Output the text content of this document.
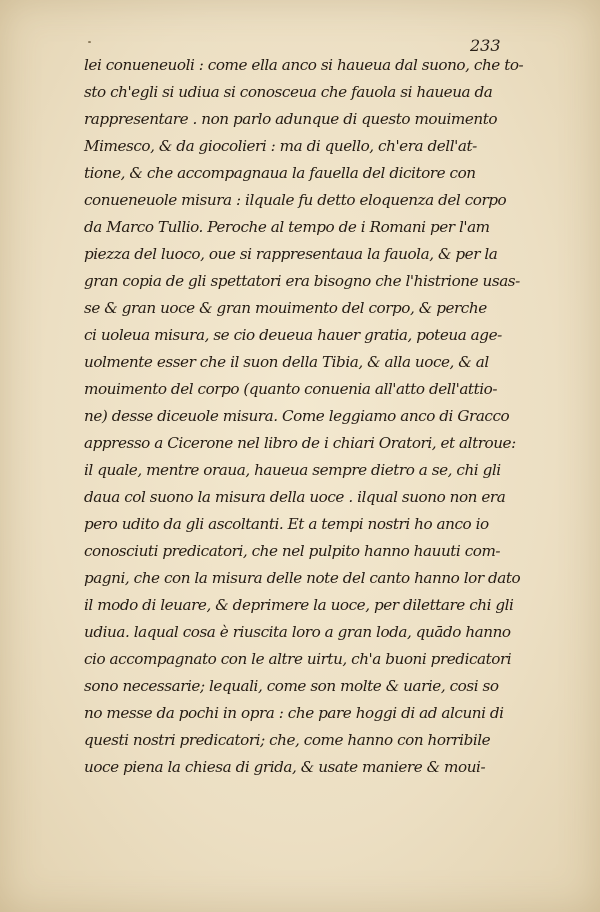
233
lei conueneuoli : come ella anco si haueua dal suono, che to-
sto ch'egli si udiua si conosceua che fauola si haueua da
rappresentare . non parlo adunque di questo mouimento
Mimesco, & da giocolieri : ma di quello, ch'era dell'at-
tione, & che accompagnaua la fauella del dicitore con
conueneuole misura : ilquale fu detto eloquenza del corpo
da Marco Tullio. Peroche al tempo de i Romani per l'am
piezza del luoco, oue si rappresentaua la fauola, & per la
gran copia de gli spettatori era bisogno che l'histrione usas-
se & gran uoce & gran mouimento del corpo, & perche
ci uoleua misura, se cio deueua hauer gratia, poteua age-
uolmente esser che il suon della Tibia, & alla uoce, & al
mouimento del corpo (quanto conuenia all'atto dell'attio-
ne) desse diceuole misura. Come leggiamo anco di Gracco
appresso a Cicerone nel libro de i chiari Oratori, et altroue:
il quale, mentre oraua, haueua sempre dietro a se, chi gli
daua col suono la misura della uoce . ilqual suono non era
pero udito da gli ascoltanti. Et a tempi nostri ho anco io
conosciuti predicatori, che nel pulpito hanno hauuti com-
pagni, che con la misura delle note del canto hanno lor dato
il modo di leuare, & deprimere la uoce, per dilettare chi gli
udiua. laqual cosa è riuscita loro a gran loda, quādo hanno
cio accompagnato con le altre uirtu, ch'a buoni predicatori
sono necessarie; lequali, come son molte & uarie, cosi so
no messe da pochi in opra : che pare hoggi di ad alcuni di
questi nostri predicatori; che, come hanno con horribile
uoce piena la chiesa di grida, & usate maniere & moui-
